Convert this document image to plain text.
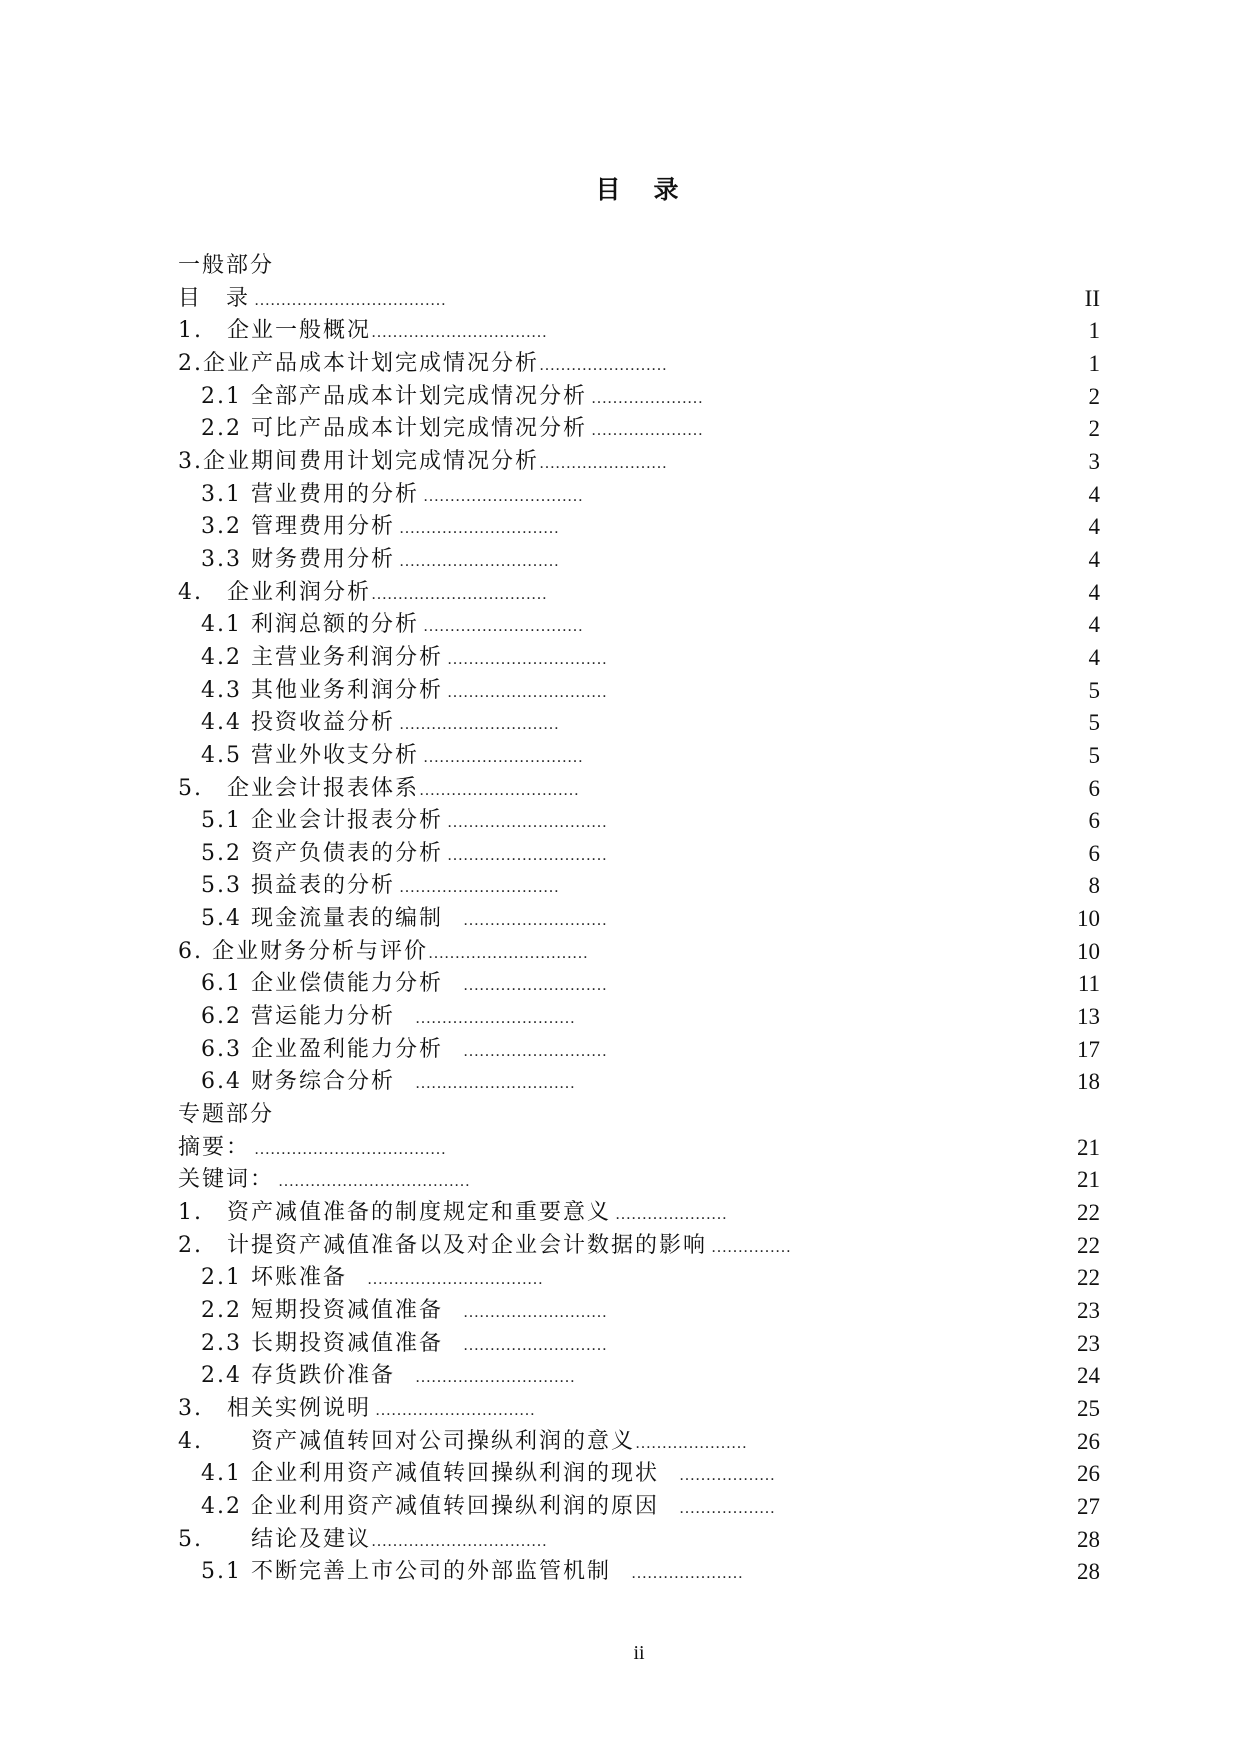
目　录
一般部分
目　录 ………………………………	II
1.　企业一般概况……………………………	1
2.企业产品成本计划完成情况分析……………………	1
2.1 全部产品成本计划完成情况分析 …………………	2
2.2 可比产品成本计划完成情况分析 …………………	2
3.企业期间费用计划完成情况分析……………………	3
3.1 营业费用的分析 …………………………	4
3.2 管理费用分析 …………………………	4
3.3 财务费用分析 …………………………	4
4.　企业利润分析……………………………	4
4.1 利润总额的分析 …………………………	4
4.2 主营业务利润分析 …………………………	4
4.3 其他业务利润分析 …………………………	5
4.4 投资收益分析 …………………………	5
4.5 营业外收支分析 …………………………	5
5.　企业会计报表体系…………………………	6
5.1 企业会计报表分析 …………………………	6
5.2 资产负债表的分析 …………………………	6
5.3 损益表的分析 …………………………	8
5.4 现金流量表的编制　 ………………………	10
6. 企业财务分析与评价…………………………	10
6.1 企业偿债能力分析　 ………………………	11
6.2 营运能力分析　 …………………………	13
6.3 企业盈利能力分析　 ………………………	17
6.4 财务综合分析　 …………………………	18
专题部分
摘要： ………………………………	21
关键词： ………………………………	21
1.　资产减值准备的制度规定和重要意义 …………………	22
2.　计提资产减值准备以及对企业会计数据的影响 ……………	22
2.1 坏账准备　 ……………………………	22
2.2 短期投资减值准备　 ………………………	23
2.3 长期投资减值准备　 ………………………	23
2.4 存货跌价准备　 …………………………	24
3.　相关实例说明 …………………………	25
4.　　资产减值转回对公司操纵利润的意义…………………	26
4.1 企业利用资产减值转回操纵利润的现状　 ………………	26
4.2 企业利用资产减值转回操纵利润的原因　 ………………	27
5.　　结论及建议……………………………	28
5.1 不断完善上市公司的外部监管机制　 …………………	28
ii
